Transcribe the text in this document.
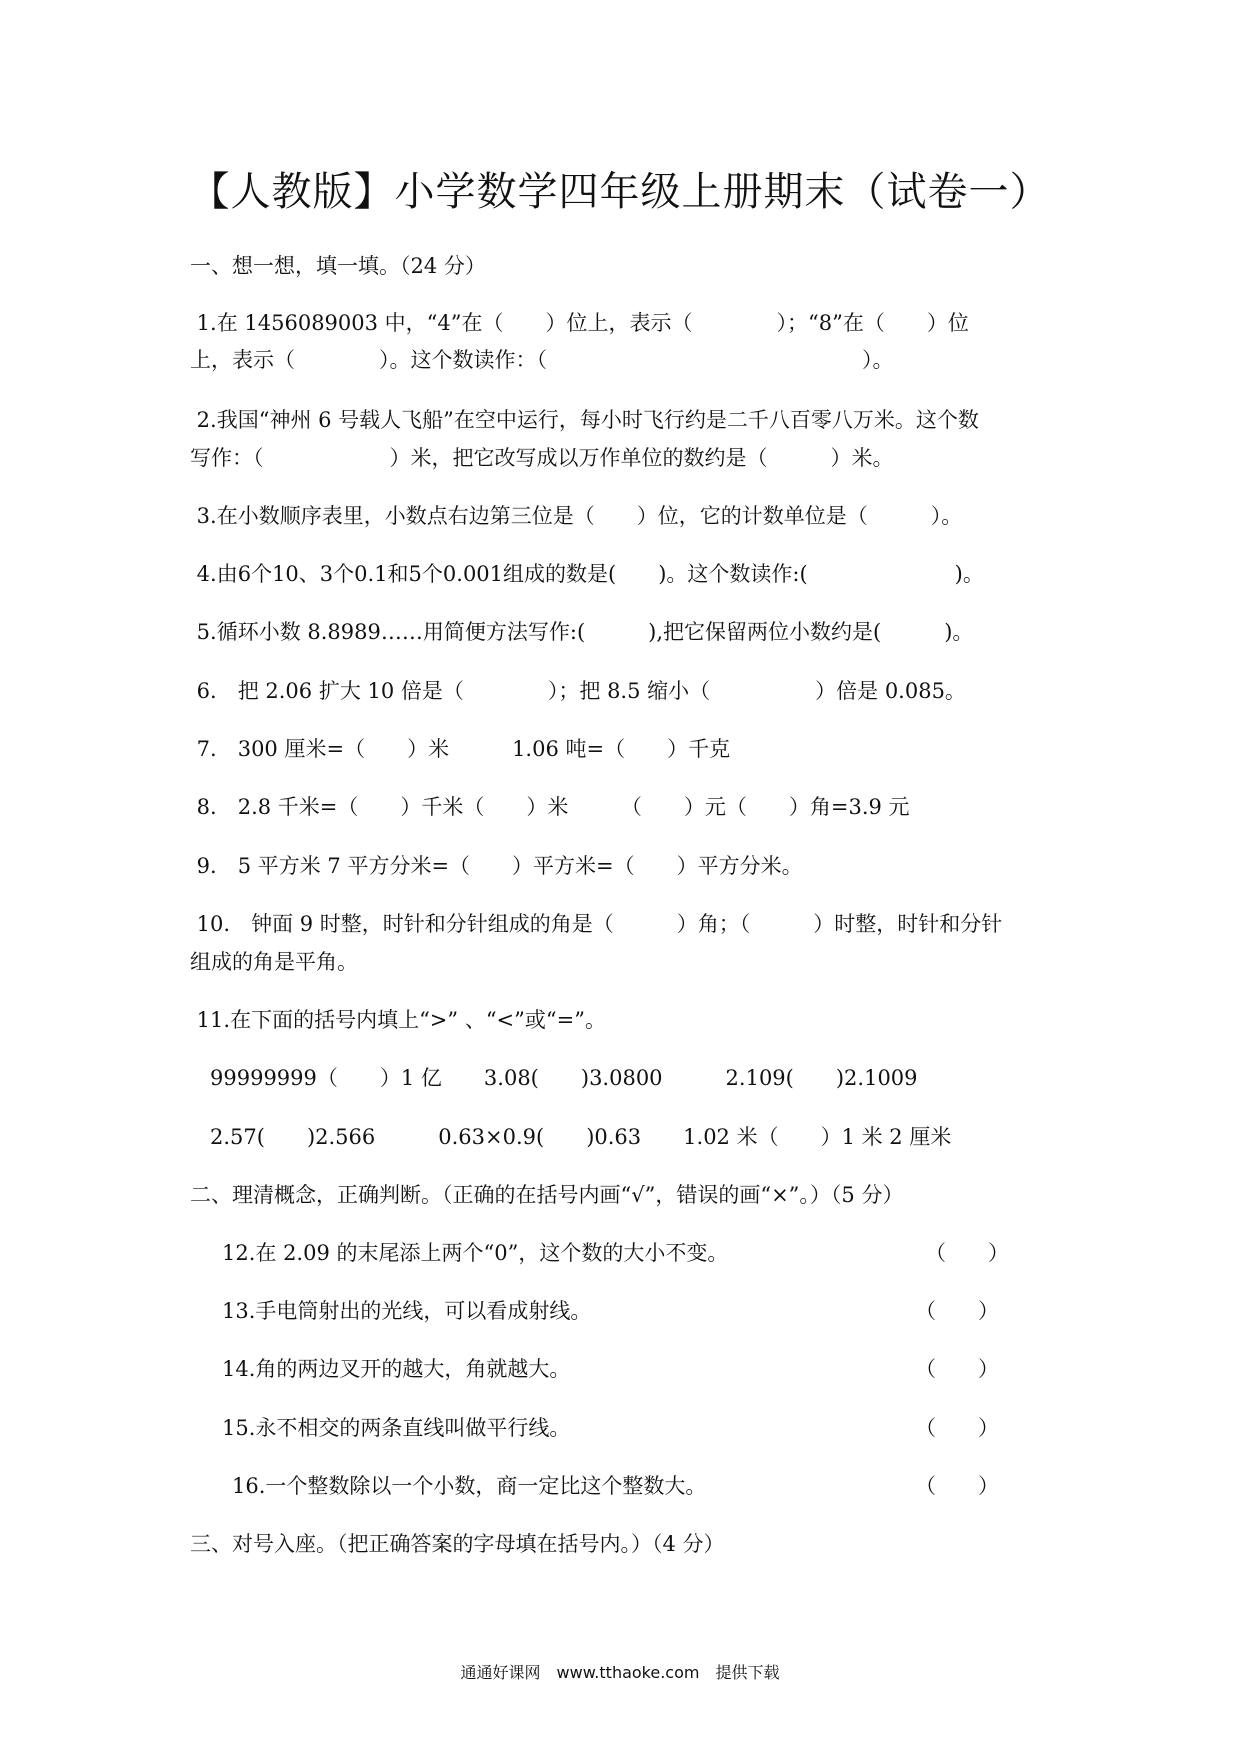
【人教版】小学数学四年级上册期末（试卷一）
一、想一想，填一填。（24 分）
1.在 1456089003 中，“4”在（　　）位上，表示（　　　　）；“8”在（　　）位
上，表示（　　　　）。这个数读作：（　　　　　　　　　　　　　　　）。
2.我国“神州 6 号载人飞船”在空中运行，每小时飞行约是二千八百零八万米。这个数
写作：（　　　　　　）米，把它改写成以万作单位的数约是（　　　）米。
3.在小数顺序表里，小数点右边第三位是（　　）位，它的计数单位是（　　　）。
4.由6个10、3个0.1和5个0.001组成的数是(　　)。这个数读作:(　　　　　　　)。
5.循环小数 8.8989……用简便方法写作:(　　　),把它保留两位小数约是(　　　)。
6.　把 2.06 扩大 10 倍是（　　　　）；把 8.5 缩小（　　　　　）倍是 0.085。
7.　300 厘米=（　　）米　　　1.06 吨=（　　）千克
8.　2.8 千米=（　　）千米（　　）米　　　（　　）元（　　）角=3.9 元
9.　5 平方米 7 平方分米=（　　）平方米=（　　）平方分米。
10.　钟面 9 时整，时针和分针组成的角是（　　　）角；（　　　）时整，时针和分针
组成的角是平角。
11.在下面的括号内填上“>” 、“<”或“=”。
99999999（　　）1 亿　　3.08(　　)3.0800　　　2.109(　　)2.1009
2.57(　　)2.566　　　0.63×0.9(　　)0.63　　1.02 米（　　）1 米 2 厘米
二、理清概念，正确判断。（正确的在括号内画“√”，错误的画“×”。）（5 分）
12.在 2.09 的末尾添上两个“0”，这个数的大小不变。	（　　）
13.手电筒射出的光线，可以看成射线。	（　　）
14.角的两边叉开的越大，角就越大。	（　　）
15.永不相交的两条直线叫做平行线。	（　　）
16.一个整数除以一个小数，商一定比这个整数大。	（　　）
三、对号入座。（把正确答案的字母填在括号内。）（4 分）
通通好课网　www.tthaoke.com　提供下载
